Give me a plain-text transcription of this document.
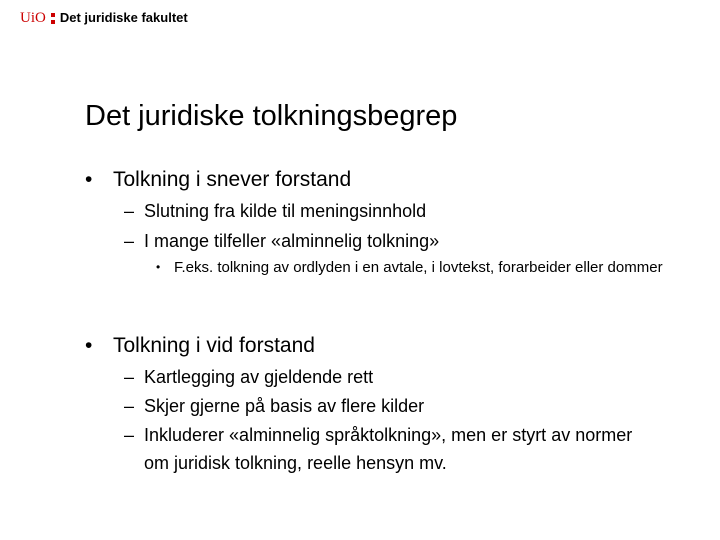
UiO Det juridiske fakultet
Det juridiske tolkningsbegrep
• Tolkning i snever forstand
– Slutning fra kilde til meningsinnhold
– I mange tilfeller «alminnelig tolkning»
• F.eks. tolkning av ordlyden i en avtale, i lovtekst, forarbeider eller dommer
• Tolkning i vid forstand
– Kartlegging av gjeldende rett
– Skjer gjerne på basis av flere kilder
– Inkluderer «alminnelig språktolkning», men er styrt av normer om juridisk tolkning, reelle hensyn mv.
